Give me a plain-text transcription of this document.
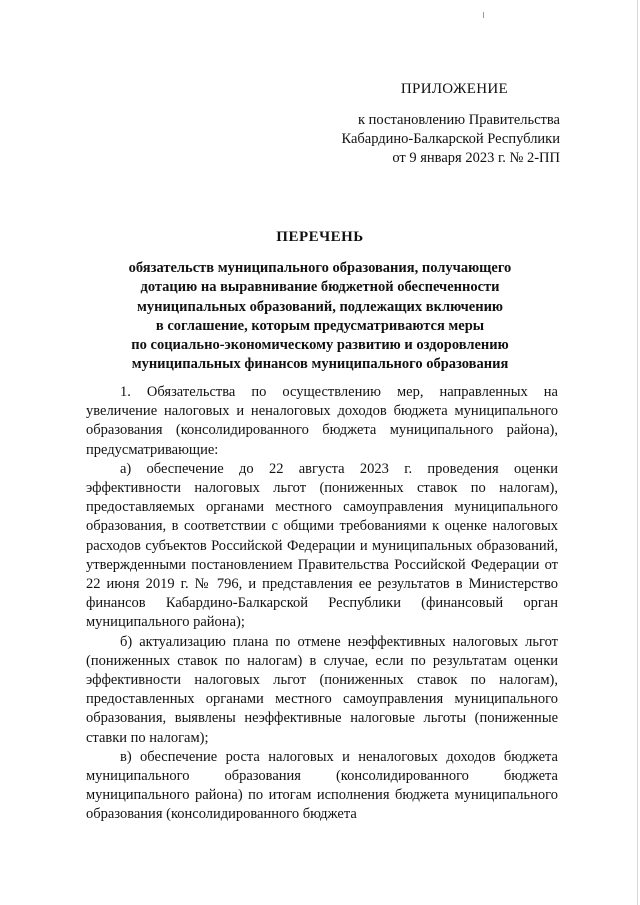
ПРИЛОЖЕНИЕ
к постановлению Правительства
Кабардино-Балкарской Республики
от 9 января 2023 г. № 2-ПП
ПЕРЕЧЕНЬ
обязательств муниципального образования, получающего
дотацию на выравнивание бюджетной обеспеченности
муниципальных образований, подлежащих включению
в соглашение, которым предусматриваются меры
по социально-экономическому развитию и оздоровлению
муниципальных финансов муниципального образования

1. Обязательства по осуществлению мер, направленных на увеличение налоговых и неналоговых доходов бюджета муниципального образования (консолидированного бюджета муниципального района), предусматривающие:

а) обеспечение до 22 августа 2023 г. проведения оценки эффективности налоговых льгот (пониженных ставок по налогам), предоставляемых органами местного самоуправления муниципального образования, в соответствии с общими требованиями к оценке налоговых расходов субъектов Российской Федерации и муниципальных образований, утвержденными постановлением Правительства Российской Федерации от 22 июня 2019 г. № 796, и представления ее результатов в Министерство финансов Кабардино-Балкарской Республики (финансовый орган муниципального района);

б) актуализацию плана по отмене неэффективных налоговых льгот (пониженных ставок по налогам) в случае, если по результатам оценки эффективности налоговых льгот (пониженных ставок по налогам), предоставленных органами местного самоуправления муниципального образования, выявлены неэффективные налоговые льготы (пониженные ставки по налогам);

в) обеспечение роста налоговых и неналоговых доходов бюджета муниципального образования (консолидированного бюджета муниципального района) по итогам исполнения бюджета муниципального образования (консолидированного бюджета
